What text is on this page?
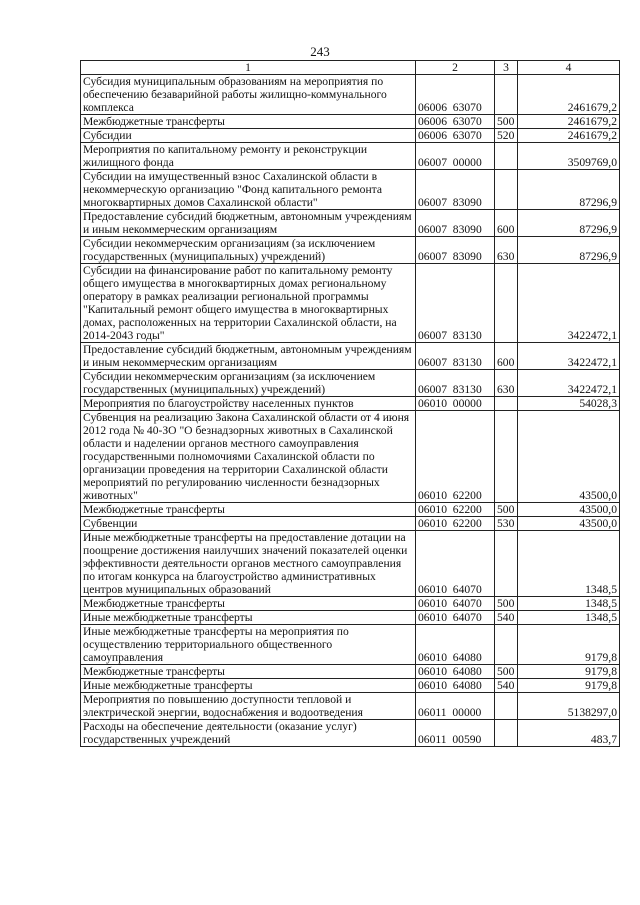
243
1	2	3	4
Субсидия муниципальным образованиям на мероприятия по обеспечению безаварийной работы жилищно-коммунального комплекса	06006  63070		2461679,2
Межбюджетные трансферты	06006  63070	500	2461679,2
Субсидии	06006  63070	520	2461679,2
Мероприятия по капитальному ремонту и реконструкции жилищного фонда	06007  00000		3509769,0
Субсидии на имущественный взнос Сахалинской области в некоммерческую организацию "Фонд капитального ремонта многоквартирных домов Сахалинской области"	06007  83090		87296,9
Предоставление субсидий бюджетным, автономным учреждениям и иным некоммерческим организациям	06007  83090	600	87296,9
Субсидии некоммерческим организациям (за исключением государственных (муниципальных) учреждений)	06007  83090	630	87296,9
Субсидии на финансирование работ по капитальному ремонту общего имущества в многоквартирных домах региональному оператору в рамках реализации региональной программы "Капитальный ремонт общего имущества в многоквартирных домах, расположенных на территории Сахалинской области, на 2014-2043 годы"	06007  83130		3422472,1
Предоставление субсидий бюджетным, автономным учреждениям и иным некоммерческим организациям	06007  83130	600	3422472,1
Субсидии некоммерческим организациям (за исключением государственных (муниципальных) учреждений)	06007  83130	630	3422472,1
Мероприятия по благоустройству населенных пунктов	06010  00000		54028,3
Субвенция на реализацию Закона Сахалинской области от 4 июня 2012 года № 40-ЗО "О безнадзорных животных в Сахалинской области и наделении органов местного самоуправления государственными полномочиями Сахалинской области по организации проведения на территории Сахалинской области мероприятий по регулированию численности безнадзорных животных"	06010  62200		43500,0
Межбюджетные трансферты	06010  62200	500	43500,0
Субвенции	06010  62200	530	43500,0
Иные межбюджетные трансферты на предоставление дотации на поощрение достижения наилучших значений показателей оценки эффективности деятельности органов местного самоуправления по итогам конкурса на благоустройство административных центров муниципальных образований	06010  64070		1348,5
Межбюджетные трансферты	06010  64070	500	1348,5
Иные межбюджетные трансферты	06010  64070	540	1348,5
Иные межбюджетные трансферты на мероприятия по осуществлению территориального общественного самоуправления	06010  64080		9179,8
Межбюджетные трансферты	06010  64080	500	9179,8
Иные межбюджетные трансферты	06010  64080	540	9179,8
Мероприятия по повышению доступности тепловой и электрической энергии, водоснабжения и водоотведения	06011  00000		5138297,0
Расходы на обеспечение деятельности (оказание услуг) государственных учреждений	06011  00590		483,7
